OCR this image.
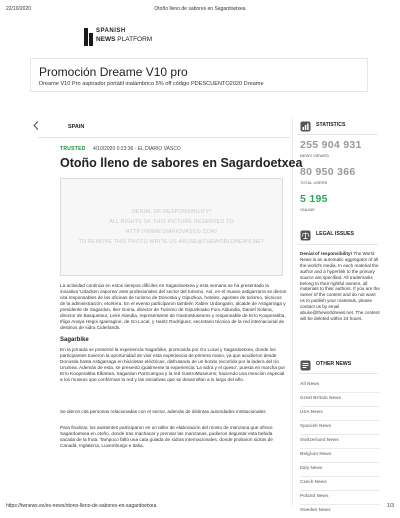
22/10/2020	Otoño lleno de sabores en Sagardoetxea
SPANISH
NEWS PLATFORM
Promoción Dreame V10 pro
Dreame V10 Pro aspirador portátil inalámbrico 5% off código PDESCUENTO2020 Dreame
SPAIN
TRUSTED 4/10/2020 0:23:36 · EL DIARIO VASCO
Otoño lleno de sabores en Sagardoetxea
DENIAL OF RESPONSIBILITY!
ALL RIGHTS OF THIS PICTURE RESERVED TO
HTTP://WWW.DIARIOVASCO.COM/
TO REMOVE THIS PHOTO WRITE US ABUSE@THEWORLDNEWS.NET

La actividad continúa en estos tiempos difíciles en Sagardoetxea y esta semana se ha presentado la iniciativa 'Udazken zaporea' ante profesionales del sector del turismo. Así, en el museo astigarrarra se dieron cita responsables de las oficinas de turismo de Donostia y Gipuzkoa, hoteles, agentes de turismo, técnicos de la administración, etcétera. En el evento participaron también Xabier Urdangarin, alcalde de Astigarraga y presidente de Sagardun, Iker Goiria, director de Turismo de Gipuzkoako Foru Aldundia, Daniel Solana, director de Basquetour, Leire Alandia, representante de GastroMuseums y responsable de Erro Kooperatiba, Iñigo Anaya Hegoi Igaeragine, de Go Local, y Haritz Rodríguez, secretario técnico de la red internacional de destinos de sidra Ciderlands.

Sagarbike

En la jornada se presentó la experiencia Sagarbike, promovida por Go Local y Sagardoetxea, donde los participantes tuvieron la oportunidad de vivir esta experiencia de primera mano, ya que acudieron desde Donostia hasta Astigarraga en bicicletas eléctricas, disfrutando de un bonito recorrido por la ladera del río Urumea. Además de esta, se presentó igualmente la experiencia 'La sidra y el queso', puesta en marcha por Erro Kooperatiba Elkartea, Sagardun Partzuergoa y la red GastroMuseums; haciendo una mención especial a los museos que conforman la red y las iniciativas que se desarrollan a lo largo del año.

Se dieron cita personas relacionadas con el sector, además de distintas autoridades institucionales

Para finalizar, los asistentes participaron en un taller de elaboración del mosto de manzana que ofrece Sagardoetxea en otoño, donde tras machacar y prensar las manzanas, pudieron degustar esta bebida sacada de la fruta. Tampoco faltó una cata guiada de sidras internacionales, donde probaron sidras de Canadá, Inglaterra, Luxemburgo e Italia.

STATISTICS
255 904 931
NEWS VIEWED
80 950 366
TOTAL USERS
5 195
ONLINE
LEGAL ISSUES
Denial of responsibility! The World News is an automatic aggregator of all the world's media. In each material the author and a hyperlink to the primary source are specified. All trademarks belong to their rightful owners, all materials to their authors. If you are the owner of the content and do not want us to publish your materials, please contact us by email abuse@theworldnews.net. The content will be deleted within 24 hours.
OTHER NEWS
All News
Great Britain News
USA News
Spanish News
Switzerland News
Belgium News
Italy News
Czech News
Poland News
Sweden News
https://twnews.es/es-news/otono-lleno-de-sabores-en-sagardoetxea	1/3
